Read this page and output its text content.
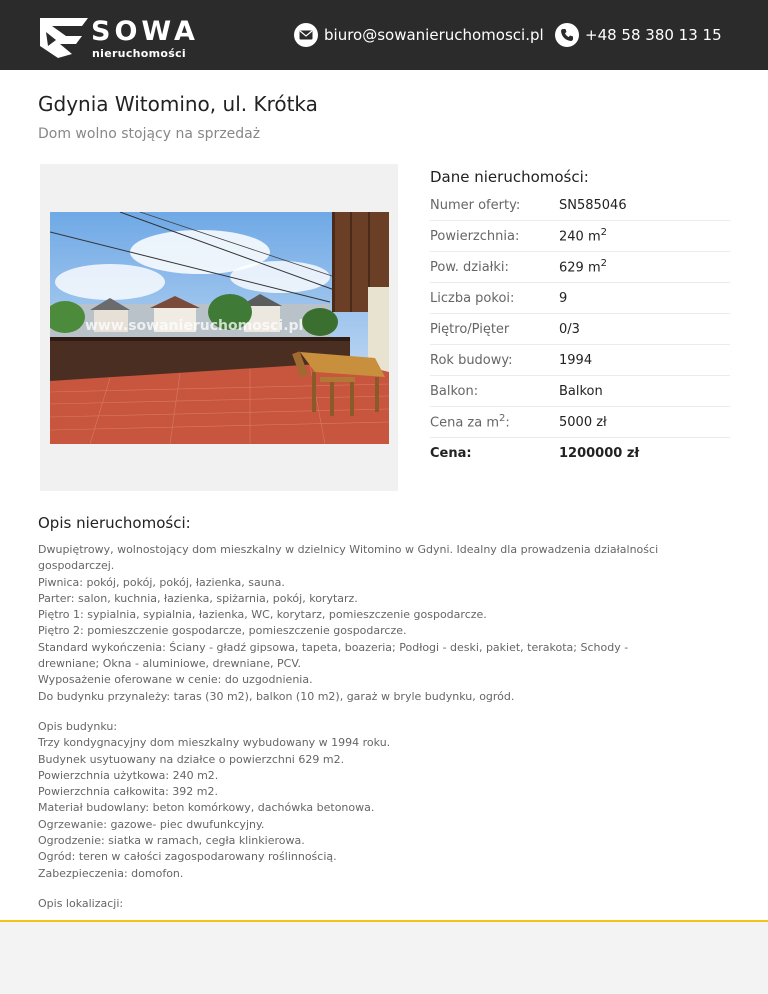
SOWA
nieruchomości
biuro@sowanieruchomosci.pl	+48 58 380 13 15
Gdynia Witomino, ul. Krótka
Dom wolno stojący na sprzedaż
www.sowanieruchomosci.pl
Dane nieruchomości:
Numer oferty:	SN585046
Powierzchnia:	240 $m^2$
Pow. działki:	629 $m^2$
Liczba pokoi:	9
Piętro/Pięter	0/3
Rok budowy:	1994
Balkon:	Balkon
Cena za $m^2$:	5000 zł
Cena:	1200000 zł
Opis nieruchomości:

Dwupiętrowy, wolnostojący dom mieszkalny w dzielnicy Witomino w Gdyni. Idealny dla prowadzenia działalności

gospodarczej.

Piwnica: pokój, pokój, pokój, łazienka, sauna.

Parter: salon, kuchnia, łazienka, spiżarnia, pokój, korytarz.

Piętro 1: sypialnia, sypialnia, łazienka, WC, korytarz, pomieszczenie gospodarcze.

Piętro 2: pomieszczenie gospodarcze, pomieszczenie gospodarcze.

Standard wykończenia: Ściany - gładź gipsowa, tapeta, boazeria; Podłogi - deski, pakiet, terakota; Schody -

drewniane; Okna - aluminiowe, drewniane, PCV.

Wyposażenie oferowane w cenie: do uzgodnienia.

Do budynku przynależy: taras (30 m2), balkon (10 m2), garaż w bryle budynku, ogród.

Opis budynku:

Trzy kondygnacyjny dom mieszkalny wybudowany w 1994 roku.

Budynek usytuowany na działce o powierzchni 629 m2.

Powierzchnia użytkowa: 240 m2.

Powierzchnia całkowita: 392 m2.

Materiał budowlany: beton komórkowy, dachówka betonowa.

Ogrzewanie: gazowe- piec dwufunkcyjny.

Ogrodzenie: siatka w ramach, cegła klinkierowa.

Ogród: teren w całości zagospodarowany roślinnością.

Zabezpieczenia: domofon.

Opis lokalizacji:
